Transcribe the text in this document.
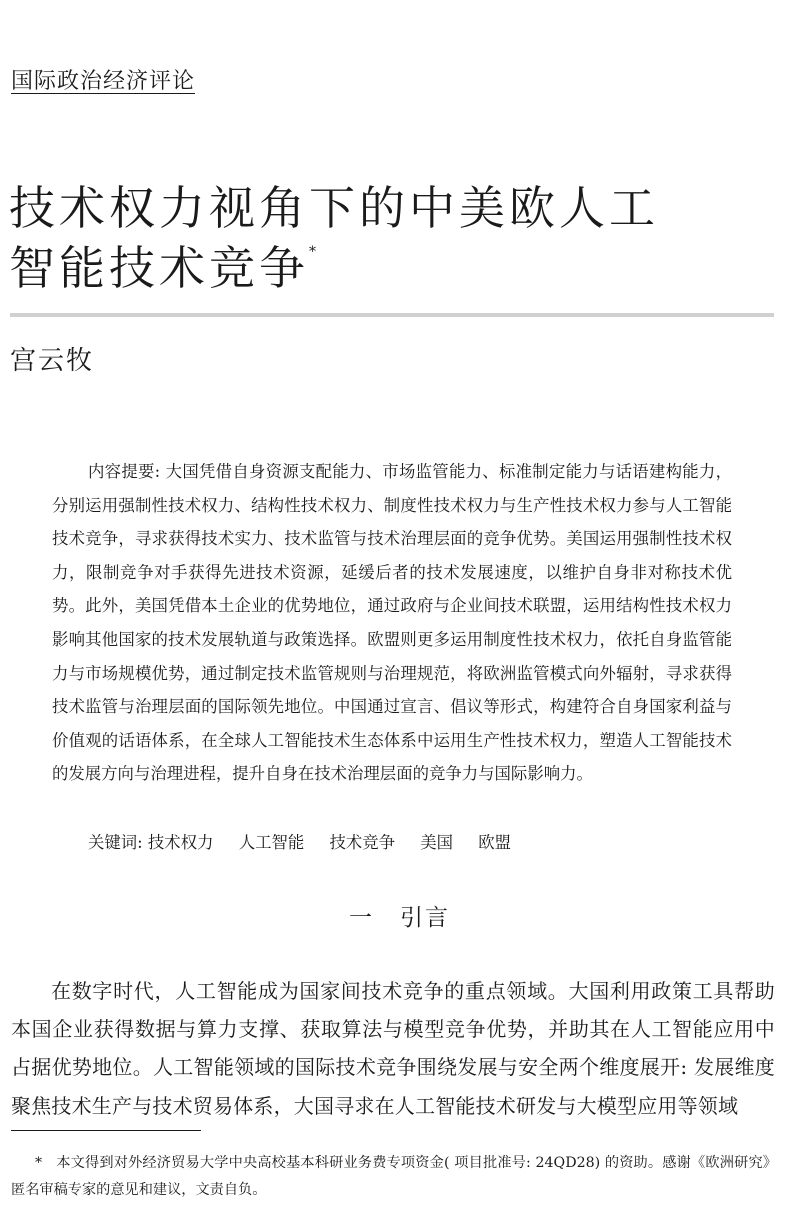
国际政治经济评论
技术权力视角下的中美欧人工
智能技术竞争*
宫云牧

内容提要: 大国凭借自身资源支配能力、市场监管能力、标准制定能力与话语建构能力，分别运用强制性技术权力、结构性技术权力、制度性技术权力与生产性技术权力参与人工智能技术竞争，寻求获得技术实力、技术监管与技术治理层面的竞争优势。美国运用强制性技术权力，限制竞争对手获得先进技术资源，延缓后者的技术发展速度，以维护自身非对称技术优势。此外，美国凭借本土企业的优势地位，通过政府与企业间技术联盟，运用结构性技术权力影响其他国家的技术发展轨道与政策选择。欧盟则更多运用制度性技术权力，依托自身监管能力与市场规模优势，通过制定技术监管规则与治理规范，将欧洲监管模式向外辐射，寻求获得技术监管与治理层面的国际领先地位。中国通过宣言、倡议等形式，构建符合自身国家利益与价值观的话语体系，在全球人工智能技术生态体系中运用生产性技术权力，塑造人工智能技术的发展方向与治理进程，提升自身在技术治理层面的竞争力与国际影响力。

关键词: 技术权力 人工智能 技术竞争 美国 欧盟
一 引言

在数字时代，人工智能成为国家间技术竞争的重点领域。大国利用政策工具帮助本国企业获得数据与算力支撑、获取算法与模型竞争优势，并助其在人工智能应用中占据优势地位。人工智能领域的国际技术竞争围绕发展与安全两个维度展开: 发展维度聚焦技术生产与技术贸易体系，大国寻求在人工智能技术研发与大模型应用等领域

* 本文得到对外经济贸易大学中央高校基本科研业务费专项资金( 项目批准号: 24QD28) 的资助。感谢《欧洲研究》匿名审稿专家的意见和建议，文责自负。
